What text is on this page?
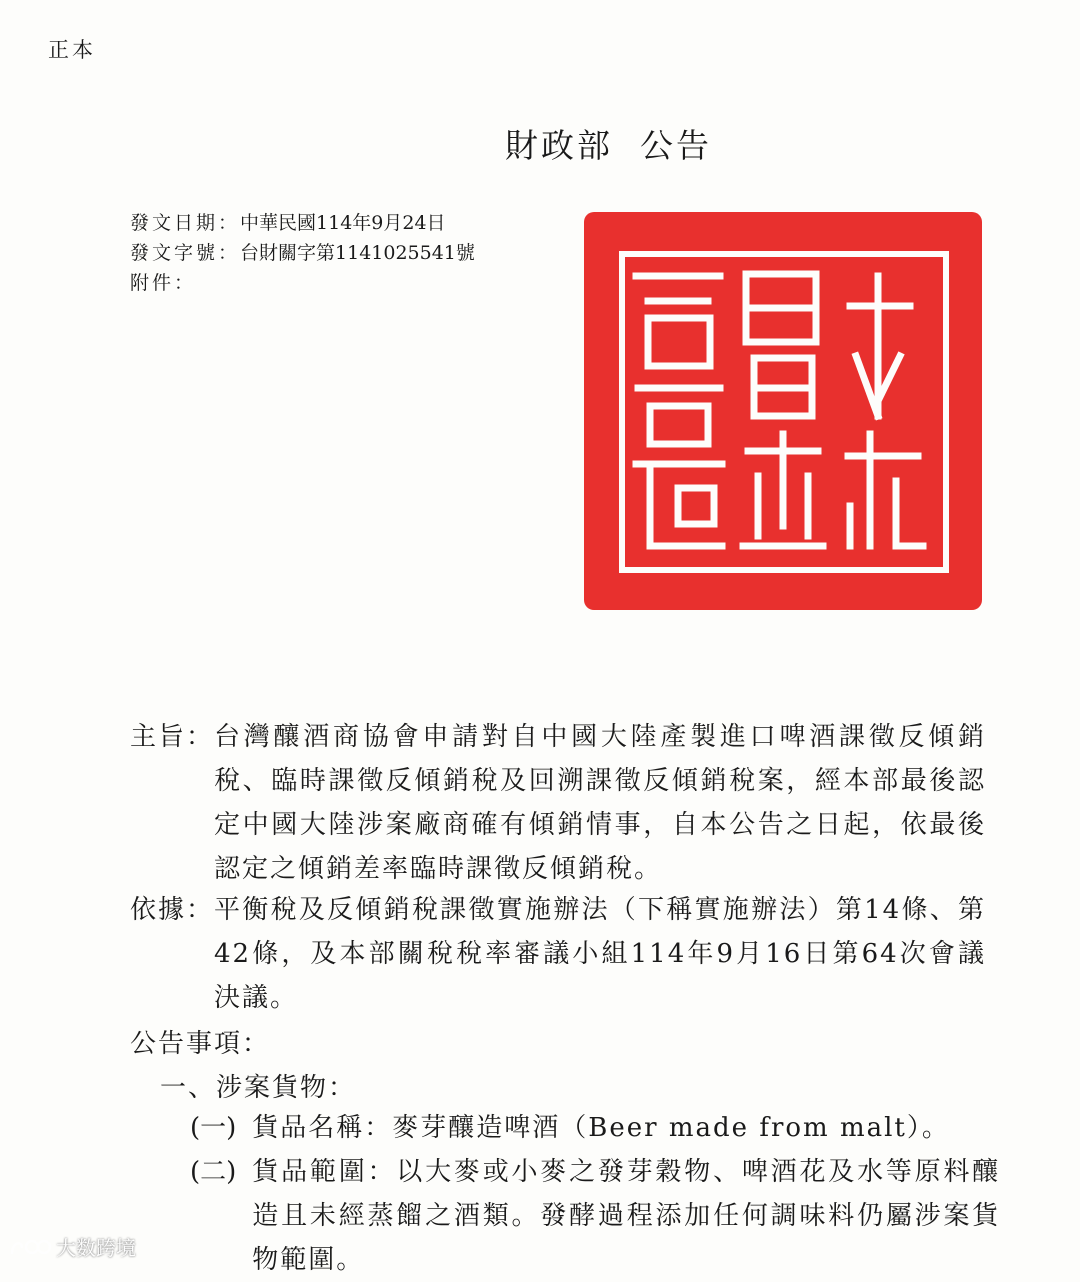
正本
財政部  公告
發文日期： 中華民國114年9月24日
發文字號： 台財關字第1141025541號
附件：
主旨： 台灣釀酒商協會申請對自中國大陸產製進口啤酒課徵反傾銷稅、臨時課徵反傾銷稅及回溯課徵反傾銷稅案，經本部最後認定中國大陸涉案廠商確有傾銷情事，自本公告之日起，依最後認定之傾銷差率臨時課徵反傾銷稅。
依據： 平衡稅及反傾銷稅課徵實施辦法（下稱實施辦法）第14條、第42條，及本部關稅稅率審議小組114年9月16日第64次會議決議。
公告事項：
一、涉案貨物：
(一) 貨品名稱：麥芽釀造啤酒（Beer made from malt）。
(二) 貨品範圍：以大麥或小麥之發芽穀物、啤酒花及水等原料釀造且未經蒸餾之酒類。發酵過程添加任何調味料仍屬涉案貨物範圍。
大数跨境
